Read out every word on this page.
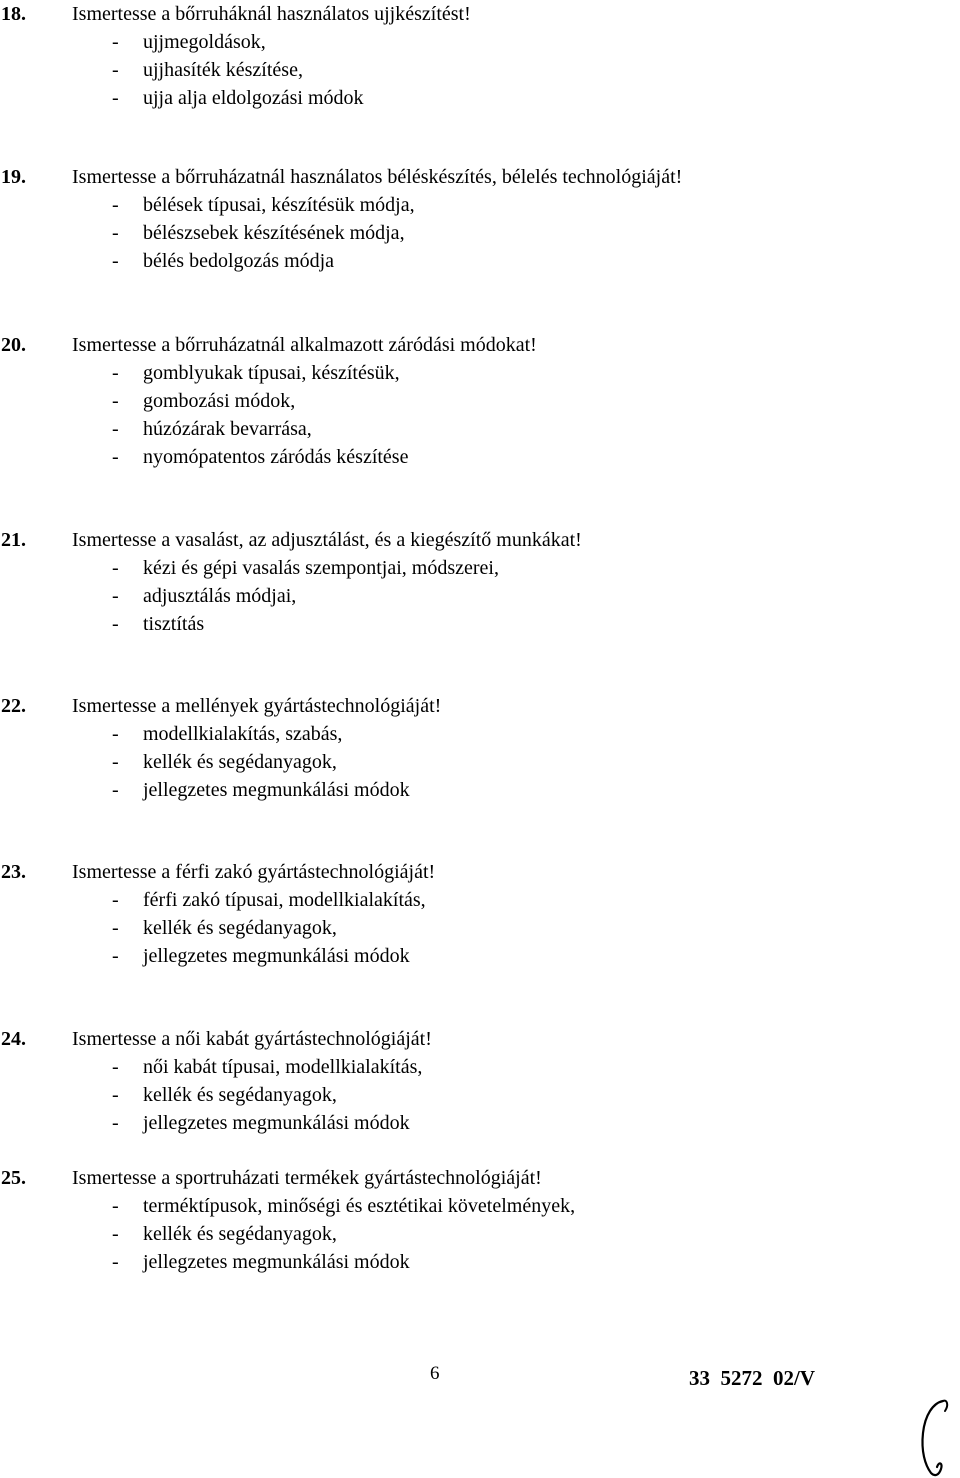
18. Ismertesse a bőrruháknál használatos ujjkészítést!
- ujjmegoldások,
- ujjhasíték készítése,
- ujja alja eldolgozási módok
19. Ismertesse a bőrruházatnál használatos béléskészítés, bélelés technológiáját!
- bélések típusai, készítésük módja,
- bélészsebek készítésének módja,
- bélés bedolgozás módja
20. Ismertesse a bőrruházatnál alkalmazott záródási módokat!
- gomblyukak típusai, készítésük,
- gombozási módok,
- húzózárak bevarrása,
- nyomópatentos záródás készítése
21. Ismertesse a vasalást, az adjusztálást, és a kiegészítő munkákat!
- kézi és gépi vasalás szempontjai, módszerei,
- adjusztálás módjai,
- tisztítás
22. Ismertesse a mellények gyártástechnológiáját!
- modellkialakítás, szabás,
- kellék és segédanyagok,
- jellegzetes megmunkálási módok
23. Ismertesse a férfi zakó gyártástechnológiáját!
- férfi zakó típusai, modellkialakítás,
- kellék és segédanyagok,
- jellegzetes megmunkálási módok
24. Ismertesse a női kabát gyártástechnológiáját!
- női kabát típusai, modellkialakítás,
- kellék és segédanyagok,
- jellegzetes megmunkálási módok
25. Ismertesse a sportruházati termékek gyártástechnológiáját!
- terméktípusok, minőségi és esztétikai követelmények,
- kellék és segédanyagok,
- jellegzetes megmunkálási módok
6	33  5272  02/V
